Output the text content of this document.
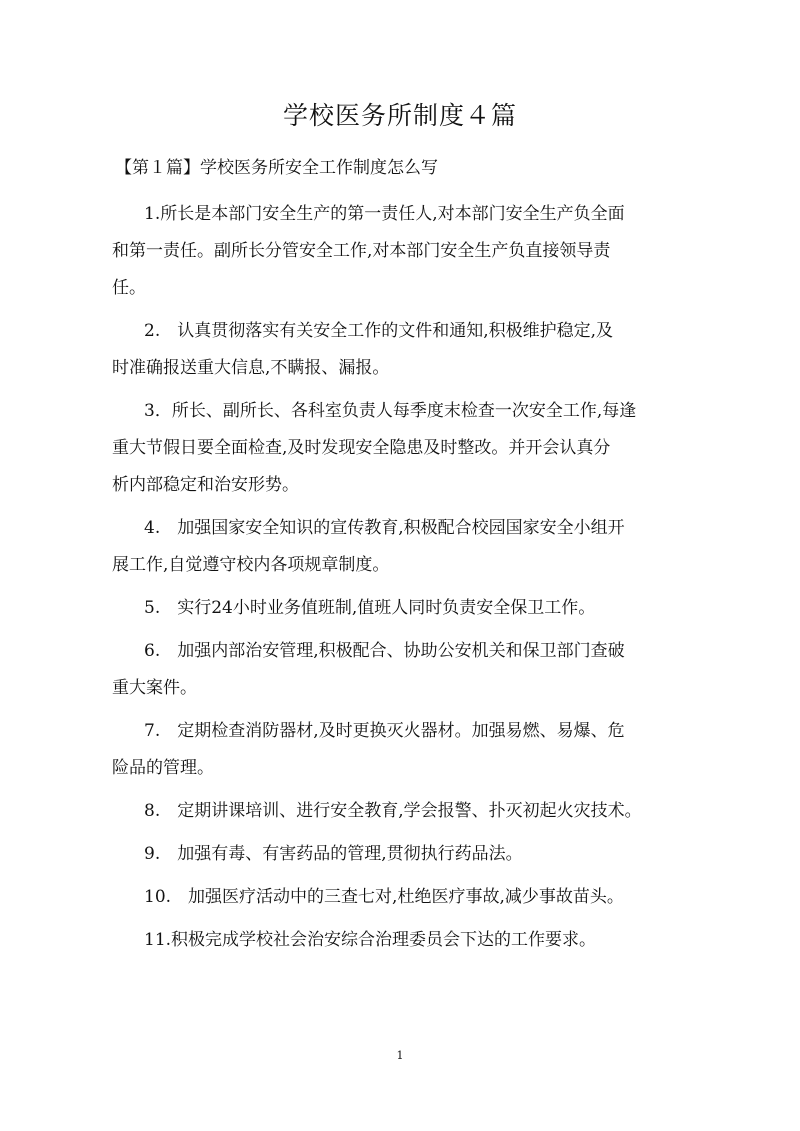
学校医务所制度４篇

【第１篇】学校医务所安全工作制度怎么写

1.所长是本部门安全生产的第一责任人,对本部门安全生产负全面
和第一责任。副所长分管安全工作,对本部门安全生产负直接领导责
任。
2.　认真贯彻落实有关安全工作的文件和通知,积极维护稳定,及
时准确报送重大信息,不瞒报、漏报。
3．所长、副所长、各科室负责人每季度末检查一次安全工作,每逢
重大节假日要全面检查,及时发现安全隐患及时整改。并开会认真分
析内部稳定和治安形势。
4.　加强国家安全知识的宣传教育,积极配合校园国家安全小组开
展工作,自觉遵守校内各项规章制度。
5.　实行24小时业务值班制,值班人同时负责安全保卫工作。
6.　加强内部治安管理,积极配合、协助公安机关和保卫部门查破
重大案件。
7.　定期检查消防器材,及时更换灭火器材。加强易燃、易爆、危
险品的管理。
8.　定期讲课培训、进行安全教育,学会报警、扑灭初起火灾技术。
9.　加强有毒、有害药品的管理,贯彻执行药品法。
10.　加强医疗活动中的三查七对,杜绝医疗事故,减少事故苗头。
11.积极完成学校社会治安综合治理委员会下达的工作要求。
1
